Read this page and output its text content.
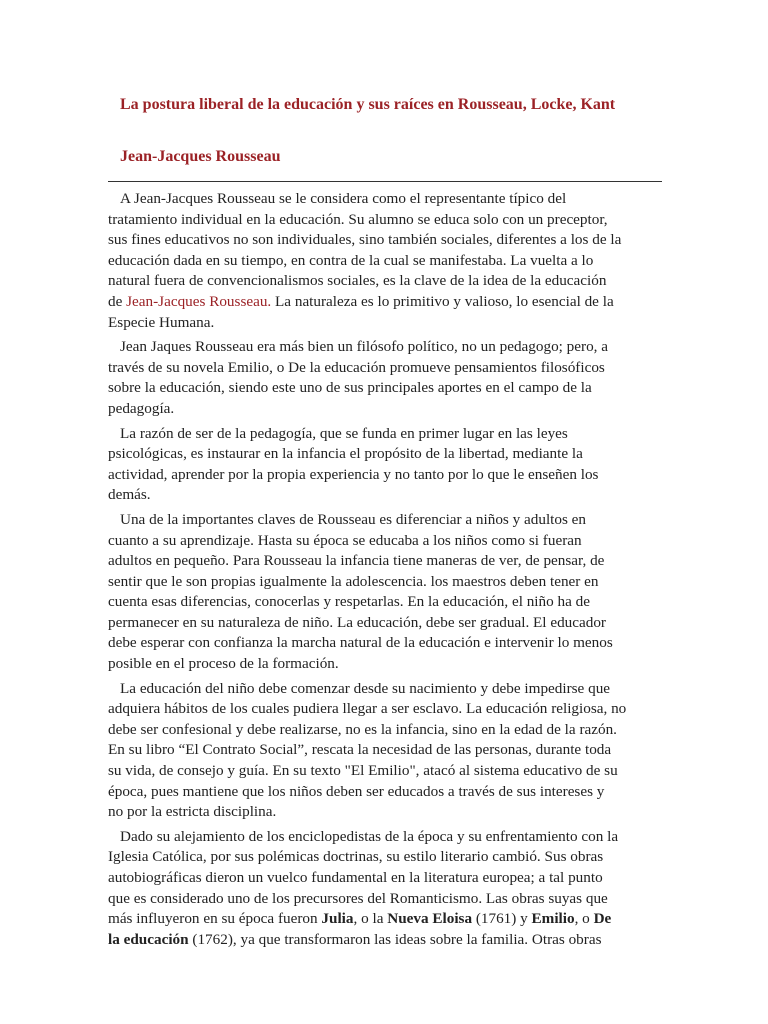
La postura liberal de la educación y sus raíces en Rousseau, Locke, Kant
Jean-Jacques Rousseau

A Jean-Jacques Rousseau se le considera como el representante típico del
tratamiento individual en la educación. Su alumno se educa solo con un preceptor,
sus fines educativos no son individuales, sino también sociales, diferentes a los de la
educación dada en su tiempo, en contra de la cual se manifestaba. La vuelta a lo
natural fuera de convencionalismos sociales, es la clave de la idea de la educación
de Jean-Jacques Rousseau. La naturaleza es lo primitivo y valioso, lo esencial de la
Especie Humana.

Jean Jaques Rousseau era más bien un filósofo político, no un pedagogo; pero, a
través de su novela Emilio, o De la educación promueve pensamientos filosóficos
sobre la educación, siendo este uno de sus principales aportes en el campo de la
pedagogía.

La razón de ser de la pedagogía, que se funda en primer lugar en las leyes
psicológicas, es instaurar en la infancia el propósito de la libertad, mediante la
actividad, aprender por la propia experiencia y no tanto por lo que le enseñen los
demás.

Una de la importantes claves de Rousseau es diferenciar a niños y adultos en
cuanto a su aprendizaje. Hasta su época se educaba a los niños como si fueran
adultos en pequeño. Para Rousseau la infancia tiene maneras de ver, de pensar, de
sentir que le son propias igualmente la adolescencia. los maestros deben tener en
cuenta esas diferencias, conocerlas y respetarlas. En la educación, el niño ha de
permanecer en su naturaleza de niño. La educación, debe ser gradual. El educador
debe esperar con confianza la marcha natural de la educación e intervenir lo menos
posible en el proceso de la formación.

La educación del niño debe comenzar desde su nacimiento y debe impedirse que
adquiera hábitos de los cuales pudiera llegar a ser esclavo. La educación religiosa, no
debe ser confesional y debe realizarse, no es la infancia, sino en la edad de la razón.
En su libro “El Contrato Social”, rescata la necesidad de las personas, durante toda
su vida, de consejo y guía. En su texto "El Emilio", atacó al sistema educativo de su
época, pues mantiene que los niños deben ser educados a través de sus intereses y
no por la estricta disciplina.

Dado su alejamiento de los enciclopedistas de la época y su enfrentamiento con la
Iglesia Católica, por sus polémicas doctrinas, su estilo literario cambió. Sus obras
autobiográficas dieron un vuelco fundamental en la literatura europea; a tal punto
que es considerado uno de los precursores del Romanticismo. Las obras suyas que
más influyeron en su época fueron Julia, o la Nueva Eloisa (1761) y Emilio, o De
la educación (1762), ya que transformaron las ideas sobre la familia. Otras obras
